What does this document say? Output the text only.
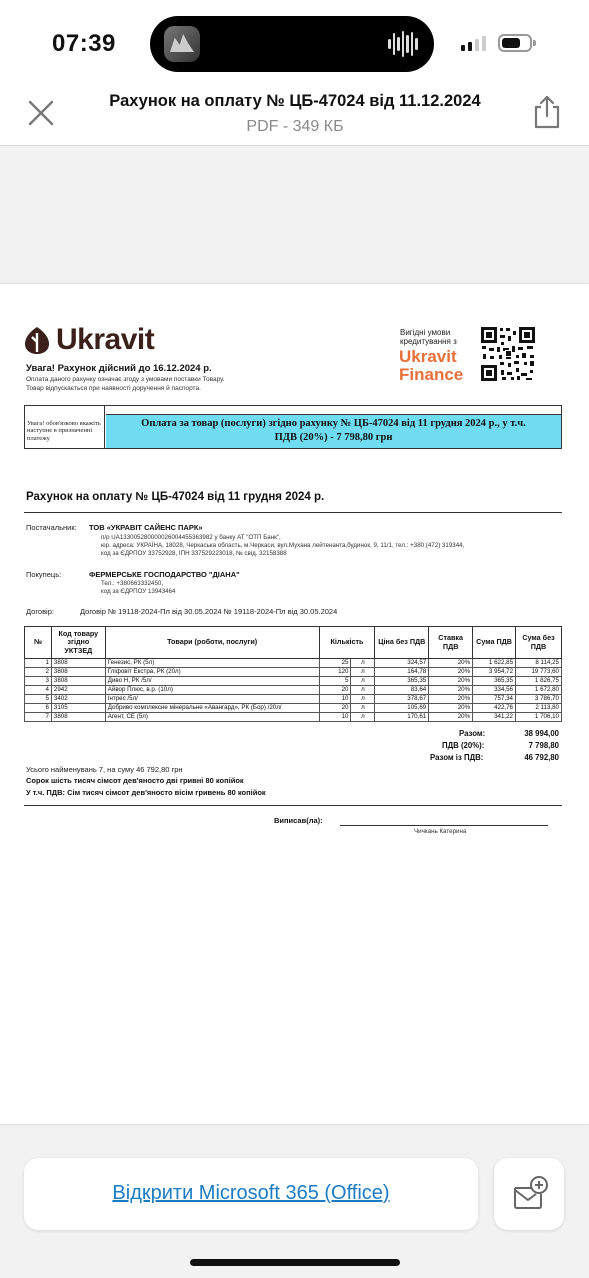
07:39
Рахунок на оплату № ЦБ-47024 від 11.12.2024
PDF - 349 КБ
Ukravit
Увага! Рахунок дійсний до 16.12.2024 р.
Оплата даного рахунку означає згоду з умовами поставки Товару.
Товар відпускається при наявності доручення й паспорта.
Вигідні умови кредитування з
Ukravit
Finance
Увага! обов'язково вкажіть наступне в призначенні платежу
Оплата за товар (послуги) згідно рахунку № ЦБ-47024 від 11 грудня 2024 р., у т.ч.
ПДВ (20%) - 7 798,80 грн
Рахунок на оплату № ЦБ-47024 від 11 грудня 2024 р.
Постачальник: ТОВ «УКРАВІТ САЙЕНС ПАРК»
п/р UA133005280000026004455363982 у банку АТ "ОТП Банк",
юр. адреса: УКРАЇНА, 18028, Черкаська область, м.Черкаси, вул.Мухана лейтенанта,будинок, 9, 11/1, тел.: +380 (472) 319344,
код за ЄДРПОУ 33752928, ІПН 337529223018, № свід. 32158388
Покупець:	ФЕРМЕРСЬКЕ ГОСПОДАРСТВО "ДІАНА"
Тел.: +380663332450,
код за ЄДРПОУ 13943464
Договір:	Договір № 19118-2024-Пл від 30.05.2024 № 19118-2024-Пл від 30.05.2024
№	Код товару згідно УКТЗЕД	Товари (роботи, послуги)	Кількість		Ціна без ПДВ	Ставка ПДВ	Сума ПДВ	Сума без ПДВ
1	3808	Генезис, РК (5л)	25	л	324,57	20%	1 622,85	8 114,25
2	3808	Гліфовіт Екстра, РК (20л)	120	л	164,78	20%	3 954,72	19 773,60
3	3808	Диво Н, РК /5л/	5	л	365,35	20%	365,35	1 826,75
4	2942	Айвор Плюс, в.р. (10л)	20	л	83,64	20%	334,56	1 672,80
5	3402	Інтрес /5л/	10	л	378,67	20%	757,34	3 786,70
6	3105	Добриво комплексне мінеральне «Авангард», РК (Бор) /20л/	20	л	105,69	20%	422,76	2 113,80
7	3808	Агент, СЕ (5л)	10	л	170,61	20%	341,22	1 706,10
Разом:	38 994,00
ПДВ (20%):	7 798,80
Разом із ПДВ:	46 792,80
Усього найменувань 7, на суму 46 792,80 грн
Сорок шість тисяч сімсот дев'яносто дві гривні 80 копійок
У т.ч. ПДВ: Сім тисяч сімсот дев'яносто вісім гривень 80 копійок
Виписав(ла):
Чичкань Катерина
Відкрити Microsoft 365 (Office)
